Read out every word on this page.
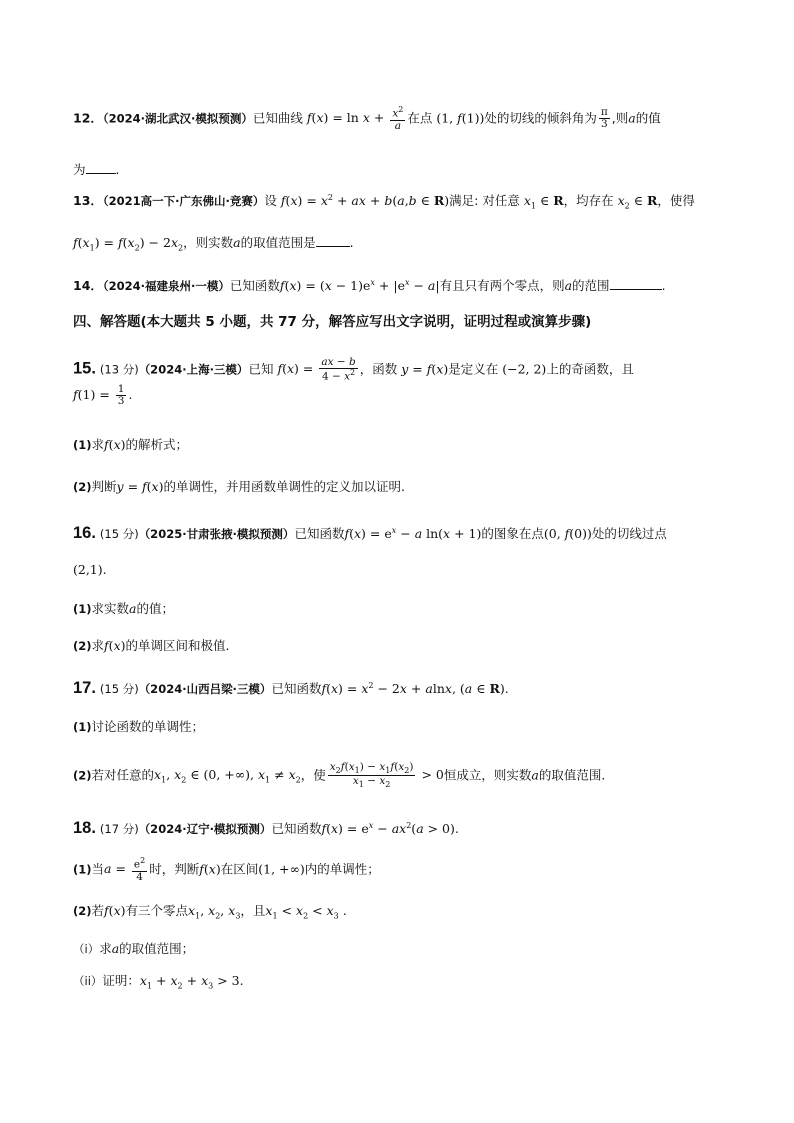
12．（2024·湖北武汉·模拟预测）已知曲线 $f(x) = \ln x + \frac{x^2}{a}$ 在点 (1, f(1))处的切线的倾斜角为 $\frac{\pi}{3}$ ,则a的值
为 .
13．（2021高一下·广东佛山·竞赛）设 $f(x) = x^2$ + ax + b(a,b ∈ R)满足: 对任意 $x_1$ ∈ R，均存在 $x_2$ ∈ R，使得
$f(x_1) = f(x_2) - 2x_2$，则实数a的取值范围是	.
14．（2024·福建泉州·一模）已知函数$f(x) = (x - 1)e^x + |e^x - a|$有且只有两个零点，则a的范围	.
四、解答题(本大题共 5 小题，共 77 分，解答应写出文字说明，证明过程或演算步骤)
15. (13 分)（2024·上海·三模）已知 $f(x) = \frac{ax - b}{4 - x^2}$ ，函数 y = f(x)是定义在 (−2, 2)上的奇函数，且
$f(1) = \frac{1}{3}$ .
(1)求f(x)的解析式；
(2)判断y = f(x)的单调性，并用函数单调性的定义加以证明.
16. (15 分)（2025·甘肃张掖·模拟预测）已知函数$f(x) = e^x - a$ ln(x + 1)的图象在点(0, f(0))处的切线过点
(2,1).
(1)求实数a的值；
(2)求f(x)的单调区间和极值.
17. (15 分)（2024·山西吕梁·三模）已知函数$f(x) = x^2 - 2x + alnx$, (a ∈ R).
(1)讨论函数的单调性；
(2)若对任意的$x_1$, $x_2$ ∈ (0, +∞), $x_1 \ne x_2$，使 $\frac{x_2f(x_1) - x_1f(x_2)}{x_1 - x_2} > 0$恒成立，则实数a的取值范围.
18. (17 分)（2024·辽宁·模拟预测）已知函数$f(x) = e^x - ax^2(a > 0)$.
(1)当$a = \frac{e^2}{4}$ 时，判断f(x)在区间(1, +∞)内的单调性；
(2)若f(x)有三个零点$x_1$, $x_2$, $x_3$，且$x_1 < x_2 < x_3$ .
（i）求a的取值范围；
（ii）证明：$x_1 + x_2 + x_3 > 3$.
